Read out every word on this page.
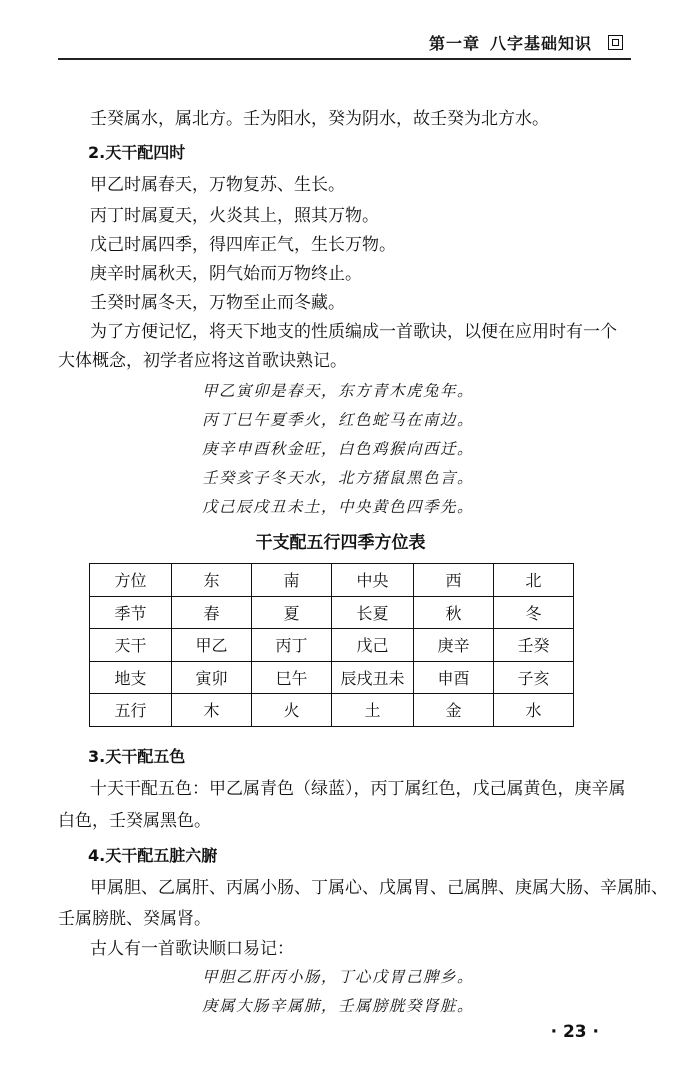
第一章 八字基础知识
壬癸属水，属北方。壬为阳水，癸为阴水，故壬癸为北方水。
2.天干配四时
甲乙时属春天，万物复苏、生长。
丙丁时属夏天，火炎其上，照其万物。
戊己时属四季，得四库正气，生长万物。
庚辛时属秋天，阴气始而万物终止。
壬癸时属冬天，万物至止而冬藏。
为了方便记忆，将天下地支的性质编成一首歌诀，以便在应用时有一个
大体概念，初学者应将这首歌诀熟记。
甲乙寅卯是春天，东方青木虎兔年。
丙丁巳午夏季火，红色蛇马在南边。
庚辛申酉秋金旺，白色鸡猴向西迁。
壬癸亥子冬天水，北方猪鼠黑色言。
戊己辰戌丑未土，中央黄色四季先。
干支配五行四季方位表
方位	东	南	中央	西	北
季节	春	夏	长夏	秋	冬
天干	甲乙	丙丁	戊己	庚辛	壬癸
地支	寅卯	巳午	辰戌丑未	申酉	子亥
五行	木	火	土	金	水
3.天干配五色
十天干配五色：甲乙属青色（绿蓝），丙丁属红色，戊己属黄色，庚辛属
白色，壬癸属黑色。
4.天干配五脏六腑
甲属胆、乙属肝、丙属小肠、丁属心、戊属胃、己属脾、庚属大肠、辛属肺、
壬属膀胱、癸属肾。
古人有一首歌诀顺口易记：
甲胆乙肝丙小肠，丁心戊胃己脾乡。
庚属大肠辛属肺，壬属膀胱癸肾脏。
· 23 ·
